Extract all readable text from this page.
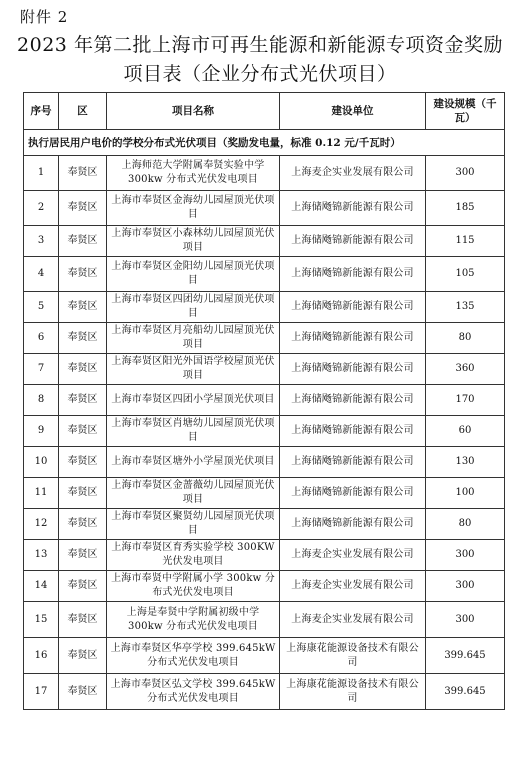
附件 2
2023 年第二批上海市可再生能源和新能源专项资金奖励
项目表（企业分布式光伏项目）
序号	区	项目名称	建设单位	建设规模（千瓦）
执行居民用户电价的学校分布式光伏项目（奖励发电量，标准 0.12 元/千瓦时）				
1	奉贤区	上海师范大学附属奉贤实验中学 300kw 分布式光伏发电项目	上海麦企实业发展有限公司	300
2	奉贤区	上海市奉贤区金海幼儿园屋顶光伏项目	上海储飏锦新能源有限公司	185
3	奉贤区	上海市奉贤区小森林幼儿园屋顶光伏项目	上海储飏锦新能源有限公司	115
4	奉贤区	上海市奉贤区金阳幼儿园屋顶光伏项目	上海储飏锦新能源有限公司	105
5	奉贤区	上海市奉贤区四团幼儿园屋顶光伏项目	上海储飏锦新能源有限公司	135
6	奉贤区	上海市奉贤区月亮船幼儿园屋顶光伏项目	上海储飏锦新能源有限公司	80
7	奉贤区	上海奉贤区阳光外国语学校屋顶光伏项目	上海储飏锦新能源有限公司	360
8	奉贤区	上海市奉贤区四团小学屋顶光伏项目	上海储飏锦新能源有限公司	170
9	奉贤区	上海市奉贤区肖塘幼儿园屋顶光伏项目	上海储飏锦新能源有限公司	60
10	奉贤区	上海市奉贤区塘外小学屋顶光伏项目	上海储飏锦新能源有限公司	130
11	奉贤区	上海市奉贤区金蔷薇幼儿园屋顶光伏项目	上海储飏锦新能源有限公司	100
12	奉贤区	上海市奉贤区聚贤幼儿园屋顶光伏项目	上海储飏锦新能源有限公司	80
13	奉贤区	上海市奉贤区育秀实验学校 300KW 光伏发电项目	上海麦企实业发展有限公司	300
14	奉贤区	上海市奉贤中学附属小学 300kw 分布式光伏发电项目	上海麦企实业发展有限公司	300
15	奉贤区	上海是奉贤中学附属初级中学 300kw 分布式光伏发电项目	上海麦企实业发展有限公司	300
16	奉贤区	上海市奉贤区华亭学校 399.645kW 分布式光伏发电项目	上海康花能源设备技术有限公司	399.645
17	奉贤区	上海市奉贤区弘文学校 399.645kW 分布式光伏发电项目	上海康花能源设备技术有限公司	399.645
